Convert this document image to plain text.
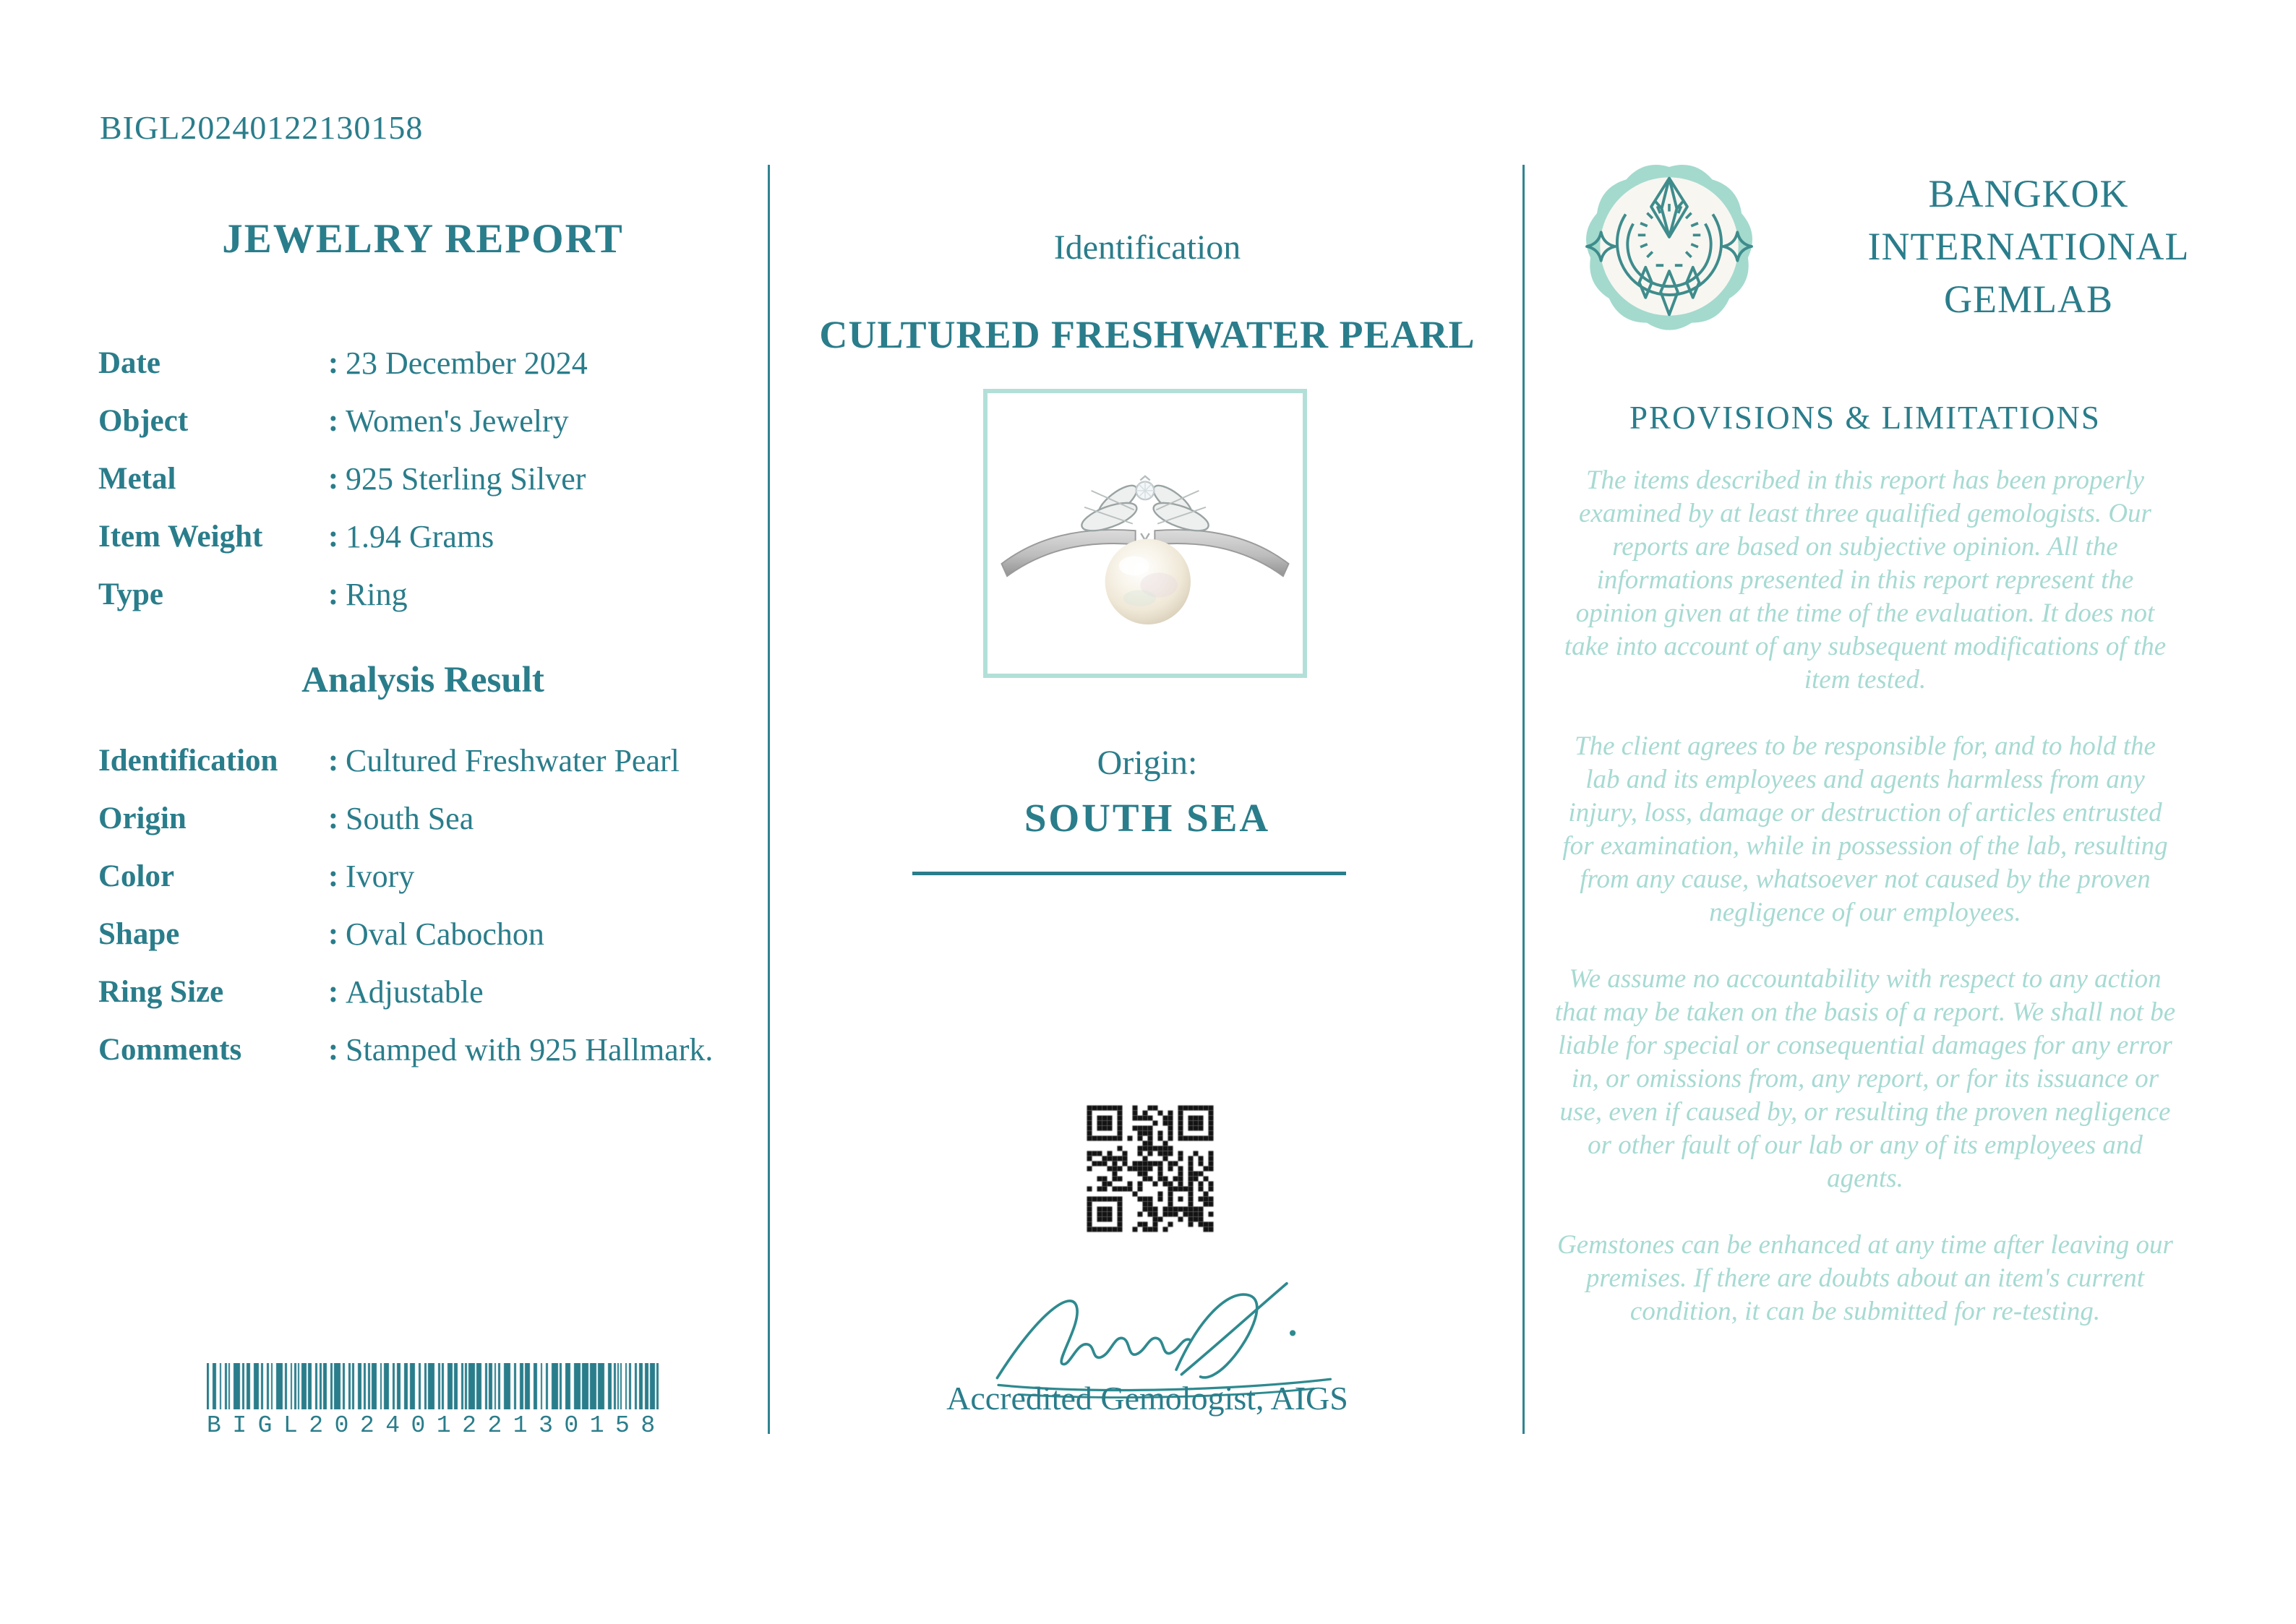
BIGL20240122130158
JEWELRY REPORT
Date	: 23 December 2024
Object	: Women's Jewelry
Metal	: 925 Sterling Silver
Item Weight	: 1.94 Grams
Type	: Ring
Analysis Result
Identification	: Cultured Freshwater Pearl
Origin	: South Sea
Color	: Ivory
Shape	: Oval Cabochon
Ring Size	: Adjustable
Comments	: Stamped with 925 Hallmark.
BIGL20240122130158
Identification
CULTURED FRESHWATER PEARL
Origin:
SOUTH SEA
Accredited Gemologist, AIGS
BANGKOK
INTERNATIONAL
GEMLAB
PROVISIONS & LIMITATIONS

The items described in this report has been properly examined by at least three qualified gemologists. Our reports are based on subjective opinion. All the informations presented in this report represent the opinion given at the time of the evaluation. It does not take into account of any subsequent modifications of the item tested.

The client agrees to be responsible for, and to hold the lab and its employees and agents harmless from any injury, loss, damage or destruction of articles entrusted for examination, while in possession of the lab, resulting from any cause, whatsoever not caused by the proven negligence of our employees.

We assume no accountability with respect to any action that may be taken on the basis of a report. We shall not be liable for special or consequential damages for any error in, or omissions from, any report, or for its issuance or use, even if caused by, or resulting the proven negligence or other fault of our lab or any of its employees and agents.

Gemstones can be enhanced at any time after leaving our premises. If there are doubts about an item's current condition, it can be submitted for re-testing.
